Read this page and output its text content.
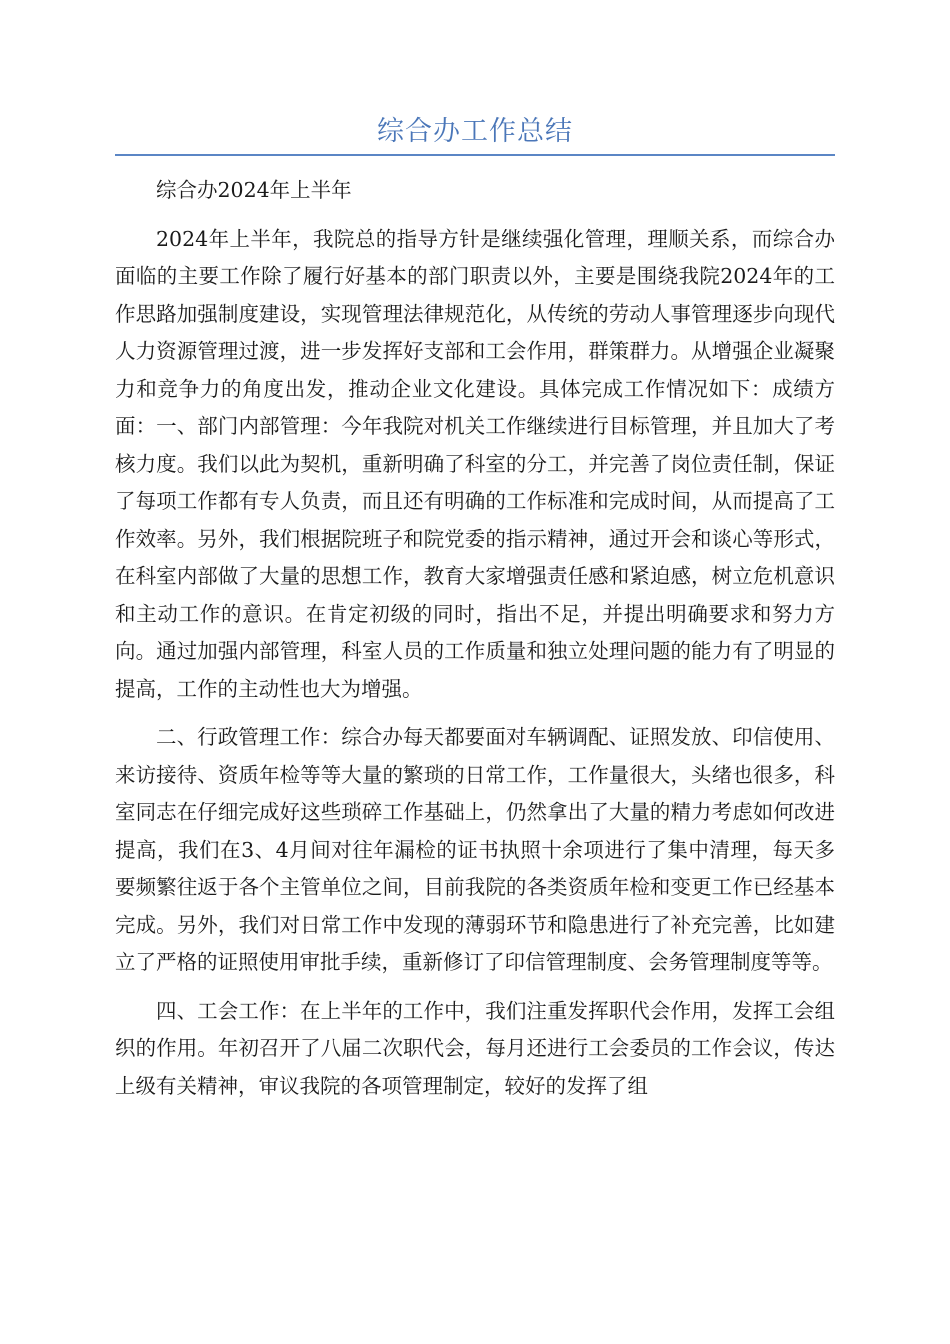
综合办工作总结

综合办2024年上半年

2024年上半年，我院总的指导方针是继续强化管理，理顺关系，而综合办面临的主要工作除了履行好基本的部门职责以外，主要是围绕我院2024年的工作思路加强制度建设，实现管理法律规范化，从传统的劳动人事管理逐步向现代人力资源管理过渡，进一步发挥好支部和工会作用，群策群力。从增强企业凝聚力和竞争力的角度出发，推动企业文化建设。具体完成工作情况如下：成绩方面：一、部门内部管理：今年我院对机关工作继续进行目标管理，并且加大了考核力度。我们以此为契机，重新明确了科室的分工，并完善了岗位责任制，保证了每项工作都有专人负责，而且还有明确的工作标准和完成时间，从而提高了工作效率。另外，我们根据院班子和院党委的指示精神，通过开会和谈心等形式，在科室内部做了大量的思想工作，教育大家增强责任感和紧迫感，树立危机意识和主动工作的意识。在肯定初级的同时，指出不足，并提出明确要求和努力方向。通过加强内部管理，科室人员的工作质量和独立处理问题的能力有了明显的提高，工作的主动性也大为增强。

二、行政管理工作：综合办每天都要面对车辆调配、证照发放、印信使用、来访接待、资质年检等等大量的繁琐的日常工作，工作量很大，头绪也很多，科室同志在仔细完成好这些琐碎工作基础上，仍然拿出了大量的精力考虑如何改进提高，我们在3、4月间对往年漏检的证书执照十余项进行了集中清理，每天多要频繁往返于各个主管单位之间，目前我院的各类资质年检和变更工作已经基本完成。另外，我们对日常工作中发现的薄弱环节和隐患进行了补充完善，比如建立了严格的证照使用审批手续，重新修订了印信管理制度、会务管理制度等等。

四、工会工作：在上半年的工作中，我们注重发挥职代会作用，发挥工会组织的作用。年初召开了八届二次职代会，每月还进行工会委员的工作会议，传达上级有关精神，审议我院的各项管理制定，较好的发挥了组
